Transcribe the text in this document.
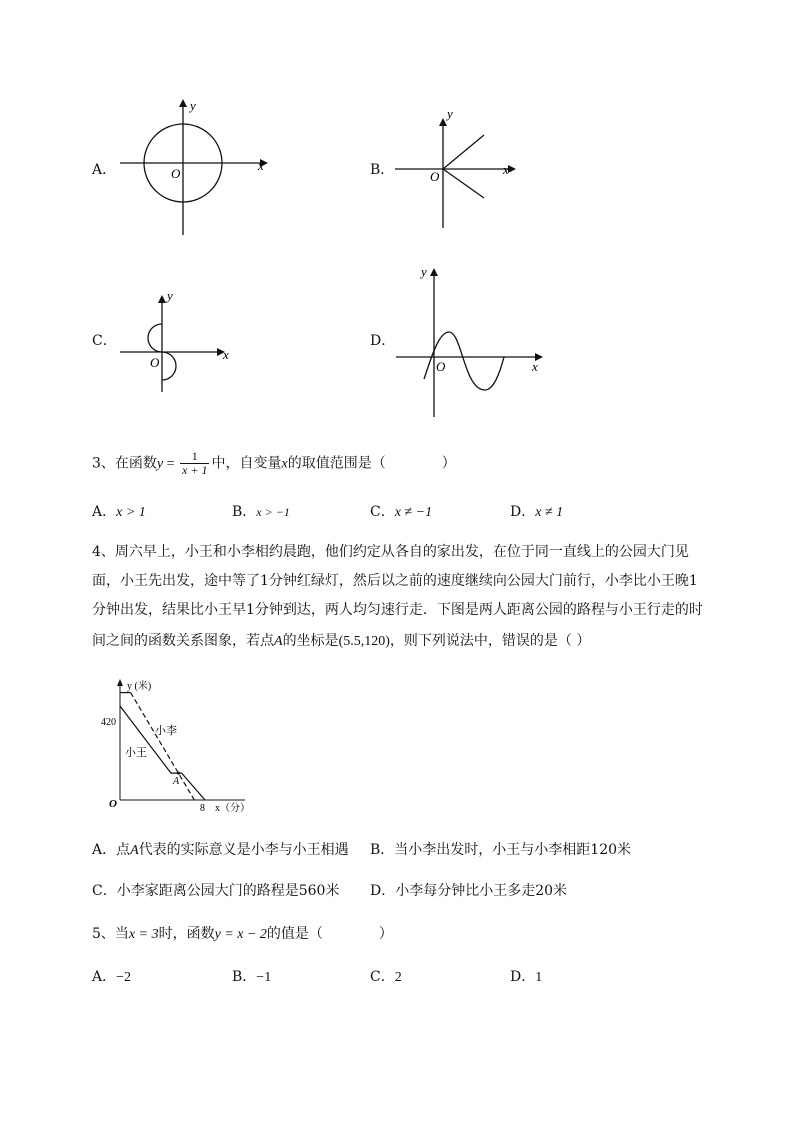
A．	x
y
O	B．	x
y
O
C．
x
y
O
D．
x
y
O
3、在函数$y = \frac{1}{x + 1}$ 中，自变量x的取值范围是（　　　　）
A．x > 1	B．x > −1	C．x ≠ −1	D．x ≠ 1
4、周六早上，小王和小李相约晨跑，他们约定从各自的家出发，在位于同一直线上的公园大门见
面，小王先出发，途中等了1分钟红绿灯，然后以之前的速度继续向公园大门前行，小李比小王晚1
分钟出发，结果比小王早1分钟到达，两人均匀速行走．下图是两人距离公园的路程与小王行走的时
间之间的函数关系图象，若点A的坐标是(5.5,120)，则下列说法中，错误的是（ ）
y (米)
x（分）
420
8
O
A
小李
小王
A．点A代表的实际意义是小李与小王相遇 B．当小李出发时，小王与小李相距120米
C．小李家距离公园大门的路程是560米 D．小李每分钟比小王多走20米
5、当x = 3时，函数y = x − 2的值是（　　　　）
A．−2	B．−1	C．2	D．1
